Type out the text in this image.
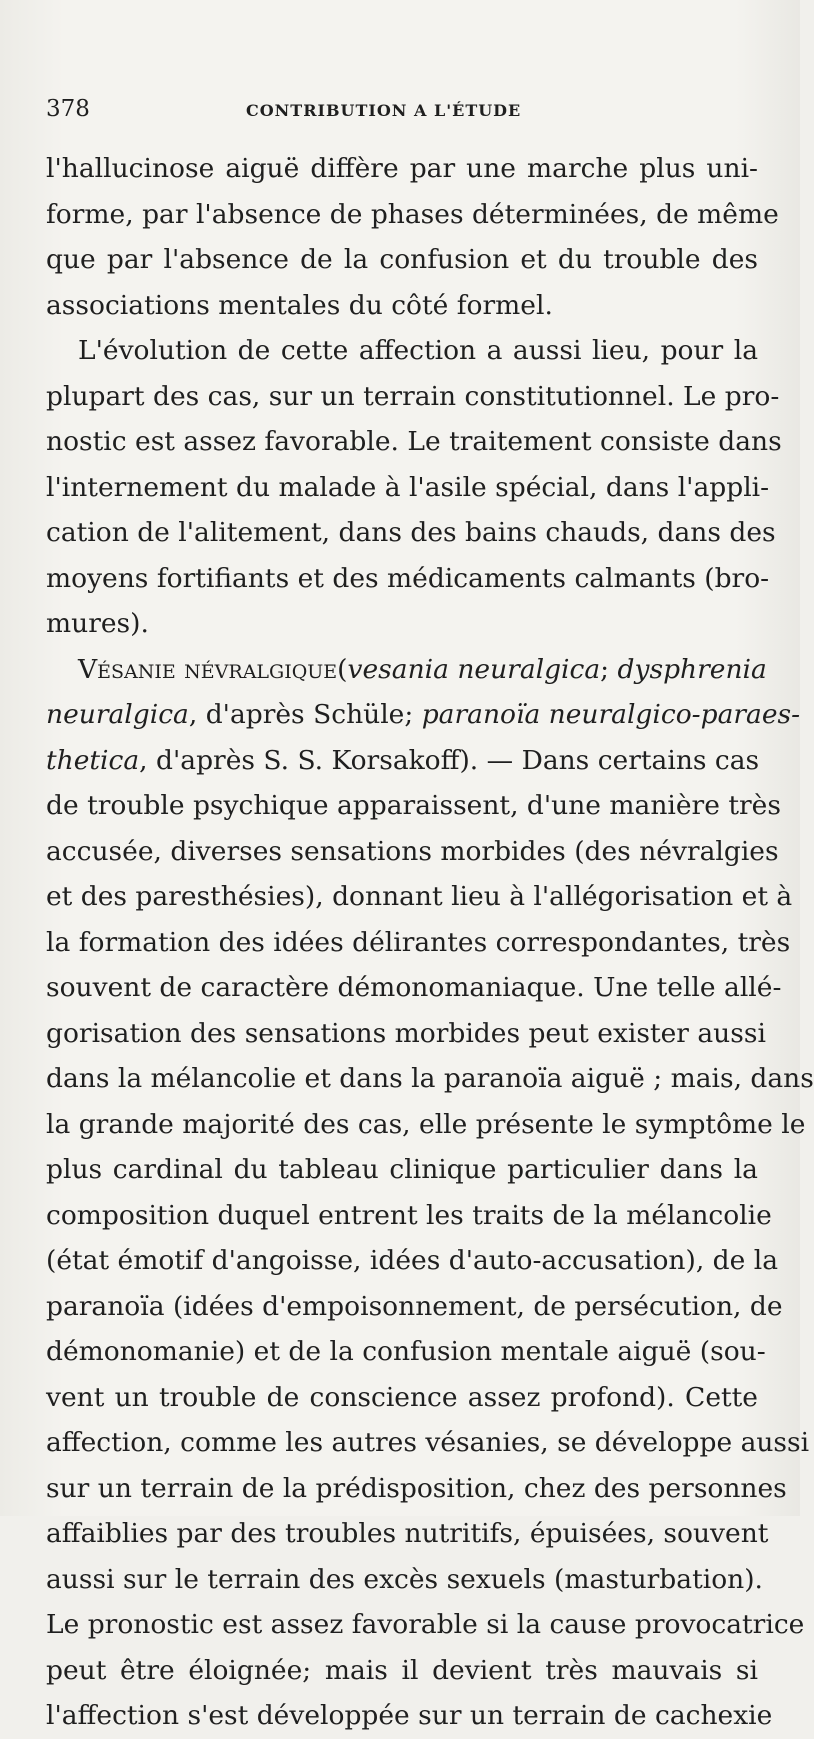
378	CONTRIBUTION A L'ÉTUDE
l'hallucinose aiguë diffère par une marche plus uni-
forme, par l'absence de phases déterminées, de même
que par l'absence de la confusion et du trouble des
associations mentales du côté formel.
L'évolution de cette affection a aussi lieu, pour la
plupart des cas, sur un terrain constitutionnel. Le pro-
nostic est assez favorable. Le traitement consiste dans
l'internement du malade à l'asile spécial, dans l'appli-
cation de l'alitement, dans des bains chauds, dans des
moyens fortifiants et des médicaments calmants (bro-
mures).
Vésanie névralgique(vesania neuralgica; dysphrenia
neuralgica, d'après Schüle; paranoïa neuralgico-paraes-
thetica, d'après S. S. Korsakoff). — Dans certains cas
de trouble psychique apparaissent, d'une manière très
accusée, diverses sensations morbides (des névralgies
et des paresthésies), donnant lieu à l'allégorisation et à
la formation des idées délirantes correspondantes, très
souvent de caractère démonomaniaque. Une telle allé-
gorisation des sensations morbides peut exister aussi
dans la mélancolie et dans la paranoïa aiguë ; mais, dans
la grande majorité des cas, elle présente le symptôme le
plus cardinal du tableau clinique particulier dans la
composition duquel entrent les traits de la mélancolie
(état émotif d'angoisse, idées d'auto-accusation), de la
paranoïa (idées d'empoisonnement, de persécution, de
démonomanie) et de la confusion mentale aiguë (sou-
vent un trouble de conscience assez profond). Cette
affection, comme les autres vésanies, se développe aussi
sur un terrain de la prédisposition, chez des personnes
affaiblies par des troubles nutritifs, épuisées, souvent
aussi sur le terrain des excès sexuels (masturbation).
Le pronostic est assez favorable si la cause provocatrice
peut être éloignée; mais il devient très mauvais si
l'affection s'est développée sur un terrain de cachexie
